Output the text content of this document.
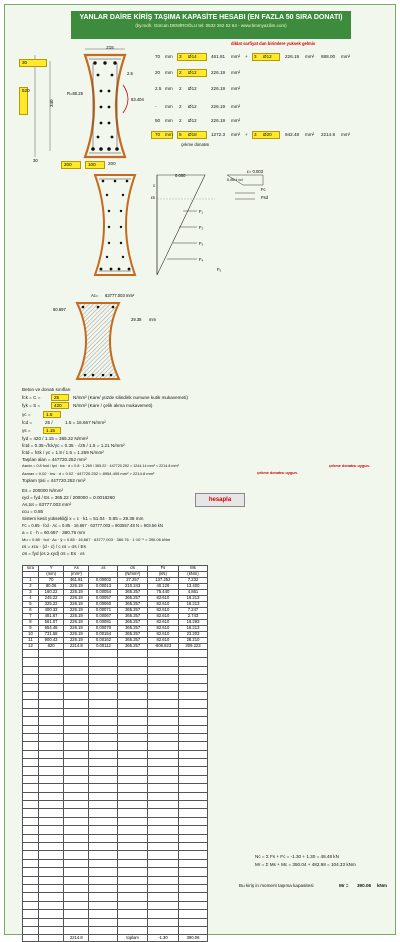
YANLAR DAİRE KİRİŞ TAŞIMA KAPASİTE HESABI (EN FAZLA 50 SIRA DONATI)
(by.mdh. Gürcan DEMİROĞLU tel: 0532 262 62 64 - www.bmmyazilim.com)
diklat sarfiyat dan birimlere yuksek gelmis
215
340
R=80.25
83.404
2.5
30
30
520
200	100	200
70 mm 3 Ø14	461.81 mm² + 3 Ø12	226.19 mm² 688.00 mm²
20 mm 2 Ø12	226.19 mm²
2.5 mm 2 Ø12	226.19 mm²
- mm 2 Ø12	226.19 mm²
50 mm 2 Ø12	226.19 mm²
70 mm 5 Ø18	1272.3 mm² + 3 Ø20	942.48 mm² 2214.8 mm²
çekme donatısı
ε= 0.003
0.000
c
εs
0.85·f cd
Fc
Fsd
F₁
F₂
F₃
F₄
F₅
Ac= 63777.003 mm²
60.697
29.38 mm
Beton ve donatı sınıfları
fck = C =	25	N/mm² (Kare/ yüzde silindirik numune kutik mukavemeti)
fyk = S =	420	N/mm² (Kare / çelik akma mukavemeti)
γc =	1.5
fcd =	25 /	1.5 = 16.667 N/mm²
γs =	1.15
fyd = 420 / 1.15 = 365.22 N/mm²
fctd = 0.35·√fck/γc = 0.35 · √25 / 1.5 = 1.21 N/mm²
fctd = fctk / γc = 1.8 / 1.5 = 1.269 N/mm²
Taşılan alan = 447720.252 mm²
Asmin = 0.8·fctd / fyd · bw · d = 0.8 · 1.269 / 365.22 · 447720.252 = 1244.14 mm² < 2214.8 mm²	çekme donatısı uygun.
Asmax = 0.02 · bw · d = 0.02 · 447720.252 = 8954.405 mm² > 2214.8 mm²	çekme donatısı uygun.
Toplam Şisi = 447720.252 mm²
hesapla
Es = 200000 N/mm²
εyd = fyd / Es = 365.22 / 200000 = 0.0018260
As,tot = 63777.003 mm²
εcu = 0.85
Sistem kesit yüksekliği x = c · k1 = 51.04 · 0.85 = 29.38 mm
Fc = 0.85 · fcd · Ac = 0.85 · 16.667 · 63777.003 = 903557.48 N = 903.56 kN
a = c · h = 60.697 · 380.76 mm
Mu = 0.85 · fcd · Ac · ỹ = 0.85 · 16.667 · 63777.003 · 380.76 · 1·10⁻⁶ = 390.06 kNm
εs = εcu · (d - c) / c εs = σs / Es
σs = fyd (εs ≥ εyd) σs = Es · εs
sıra	Y	As	εs	σs	Fs	Ms
	(mm)	(mm²)		(N/mm²)	(kN)	(kNm)
1	70	461.81	0.00002	27.257	137.252	7.232
2	80.06	226.19	0.00013	210.243	40.129	13.400
3	160.22	226.19	0.00054	365.257	75.440	4.861
4	245.22	226.19	0.00057	365.257	82.610	16.213
5	325.22	226.19	0.00060	365.257	82.610	18.213
6	400.33	226.19	0.00071	365.257	82.610	7.247
7	481.67	226.19	0.00067	365.257	82.610	2.743
8	561.07	226.19	0.00081	365.257	82.610	16.293
9	654.48	226.19	0.00070	365.257	82.610	16.213
10	731.58	226.19	0.00154	365.257	82.610	23.203
11	900.43	226.19	0.00162	365.257	82.610	28.210
12	820	2214.8	0.00112	365.257	-808.823	309.223

		2214.8		toplam	-1.30	390.06
Nc = Σ Fs + Fc = -1.30 + 1.30 = 48.48 kN
Mr = Σ Ms + Mc = 350.04 + 482.98 = 104.33 kNm
Bu kiriş in moment taşıma kapasitesi	Mr = 390.06 kNm
